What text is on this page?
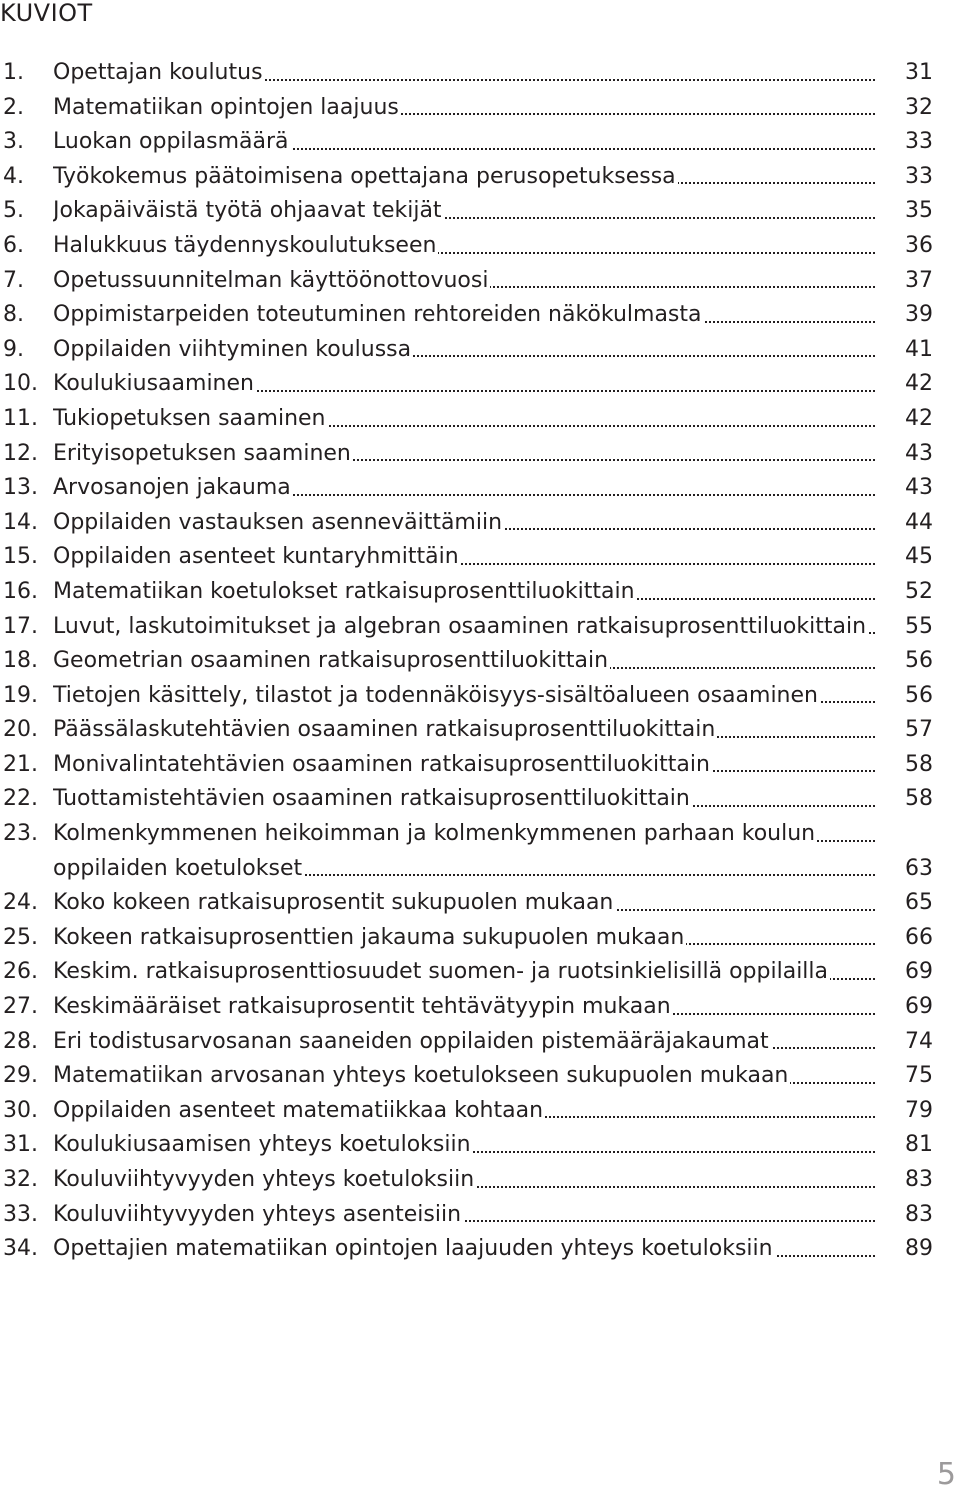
KUVIOT
1. Opettajan koulutus	31
2. Matematiikan opintojen laajuus	32
3. Luokan oppilasmäärä	33
4. Työkokemus päätoimisena opettajana perusopetuksessa	33
5. Jokapäiväistä työtä ohjaavat tekijät	35
6. Halukkuus täydennyskoulutukseen	36
7. Opetussuunnitelman käyttöönottovuosi	37
8. Oppimistarpeiden toteutuminen rehtoreiden näkökulmasta	39
9. Oppilaiden viihtyminen koulussa	41
10. Koulukiusaaminen	42
11. Tukiopetuksen saaminen	42
12. Erityisopetuksen saaminen	43
13. Arvosanojen jakauma	43
14. Oppilaiden vastauksen asenneväittämiin	44
15. Oppilaiden asenteet kuntaryhmittäin	45
16. Matematiikan koetulokset ratkaisuprosenttiluokittain	52
17. Luvut, laskutoimitukset ja algebran osaaminen ratkaisuprosenttiluokittain	55
18. Geometrian osaaminen ratkaisuprosenttiluokittain	56
19. Tietojen käsittely, tilastot ja todennäköisyys-sisältöalueen osaaminen	56
20. Päässälaskutehtävien osaaminen ratkaisuprosenttiluokittain	57
21. Monivalintatehtävien osaaminen ratkaisuprosenttiluokittain	58
22. Tuottamistehtävien osaaminen ratkaisuprosenttiluokittain	58
23. Kolmenkymmenen heikoimman ja kolmenkymmenen parhaan koulun
oppilaiden koetulokset	63
24. Koko kokeen ratkaisuprosentit sukupuolen mukaan	65
25. Kokeen ratkaisuprosenttien jakauma sukupuolen mukaan	66
26. Keskim. ratkaisuprosenttiosuudet suomen- ja ruotsinkielisillä oppilailla	69
27. Keskimääräiset ratkaisuprosentit tehtävätyypin mukaan	69
28. Eri todistusarvosanan saaneiden oppilaiden pistemääräjakaumat	74
29. Matematiikan arvosanan yhteys koetulokseen sukupuolen mukaan	75
30. Oppilaiden asenteet matematiikkaa kohtaan	79
31. Koulukiusaamisen yhteys koetuloksiin	81
32. Kouluviihtyvyyden yhteys koetuloksiin	83
33. Kouluviihtyvyyden yhteys asenteisiin	83
34. Opettajien matematiikan opintojen laajuuden yhteys koetuloksiin	89
5
